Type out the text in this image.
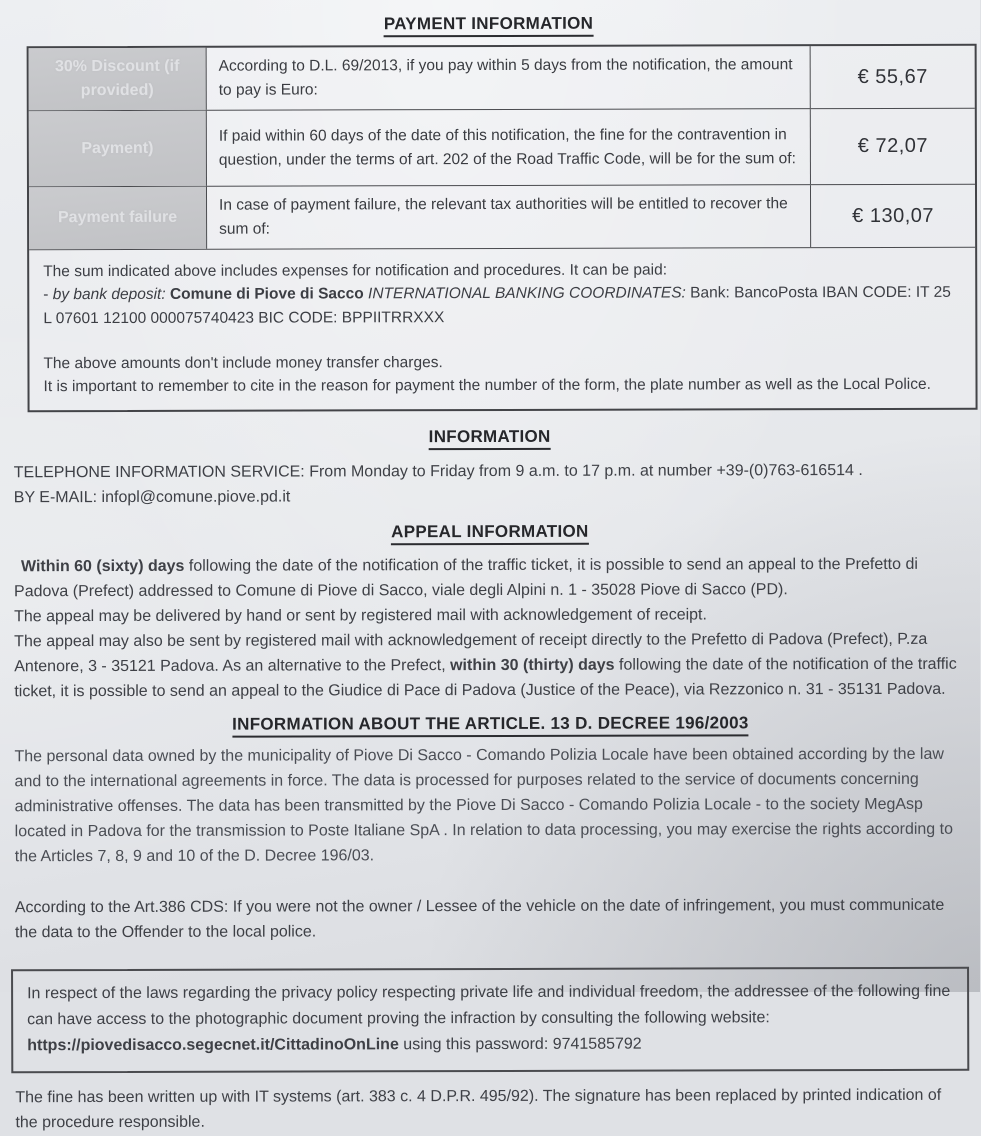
PAYMENT INFORMATION
30% Discount (if provided)
According to D.L. 69/2013, if you pay within 5 days from the notification, the amount to pay is Euro:
€ 55,67
Payment)
If paid within 60 days of the date of this notification, the fine for the contravention in question, under the terms of art. 202 of the Road Traffic Code, will be for the sum of:
€ 72,07
Payment failure
In case of payment failure, the relevant tax authorities will be entitled to recover the sum of:
€ 130,07

The sum indicated above includes expenses for notification and procedures. It can be paid:

- by bank deposit: Comune di Piove di Sacco INTERNATIONAL BANKING COORDINATES: Bank: BancoPosta IBAN CODE: IT 25 L 07601 12100 000075740423 BIC CODE: BPPIITRRXXX

The above amounts don't include money transfer charges.

It is important to remember to cite in the reason for payment the number of the form, the plate number as well as the Local Police.

INFORMATION

TELEPHONE INFORMATION SERVICE: From Monday to Friday from 9 a.m. to 17 p.m. at number +39-(0)763-616514 .

BY E-MAIL: infopl@comune.piove.pd.it

APPEAL INFORMATION

Within 60 (sixty) days following the date of the notification of the traffic ticket, it is possible to send an appeal to the Prefetto di Padova (Prefect) addressed to Comune di Piove di Sacco, viale degli Alpini n. 1 - 35028 Piove di Sacco (PD).

The appeal may be delivered by hand or sent by registered mail with acknowledgement of receipt.

The appeal may also be sent by registered mail with acknowledgement of receipt directly to the Prefetto di Padova (Prefect), P.za Antenore, 3 - 35121 Padova. As an alternative to the Prefect, within 30 (thirty) days following the date of the notification of the traffic ticket, it is possible to send an appeal to the Giudice di Pace di Padova (Justice of the Peace), via Rezzonico n. 31 - 35131 Padova.

INFORMATION ABOUT THE ARTICLE. 13 D. DECREE 196/2003

The personal data owned by the municipality of Piove Di Sacco - Comando Polizia Locale have been obtained according by the law and to the international agreements in force. The data is processed for purposes related to the service of documents concerning administrative offenses. The data has been transmitted by the Piove Di Sacco - Comando Polizia Locale - to the society MegAsp located in Padova for the transmission to Poste Italiane SpA . In relation to data processing, you may exercise the rights according to the Articles 7, 8, 9 and 10 of the D. Decree 196/03.

According to the Art.386 CDS: If you were not the owner / Lessee of the vehicle on the date of infringement, you must communicate the data to the Offender to the local police.

In respect of the laws regarding the privacy policy respecting private life and individual freedom, the addressee of the following fine can have access to the photographic document proving the infraction by consulting the following website: https://piovedisacco.segecnet.it/CittadinoOnLine using this password: 9741585792

The fine has been written up with IT systems (art. 383 c. 4 D.P.R. 495/92). The signature has been replaced by printed indication of the procedure responsible.
